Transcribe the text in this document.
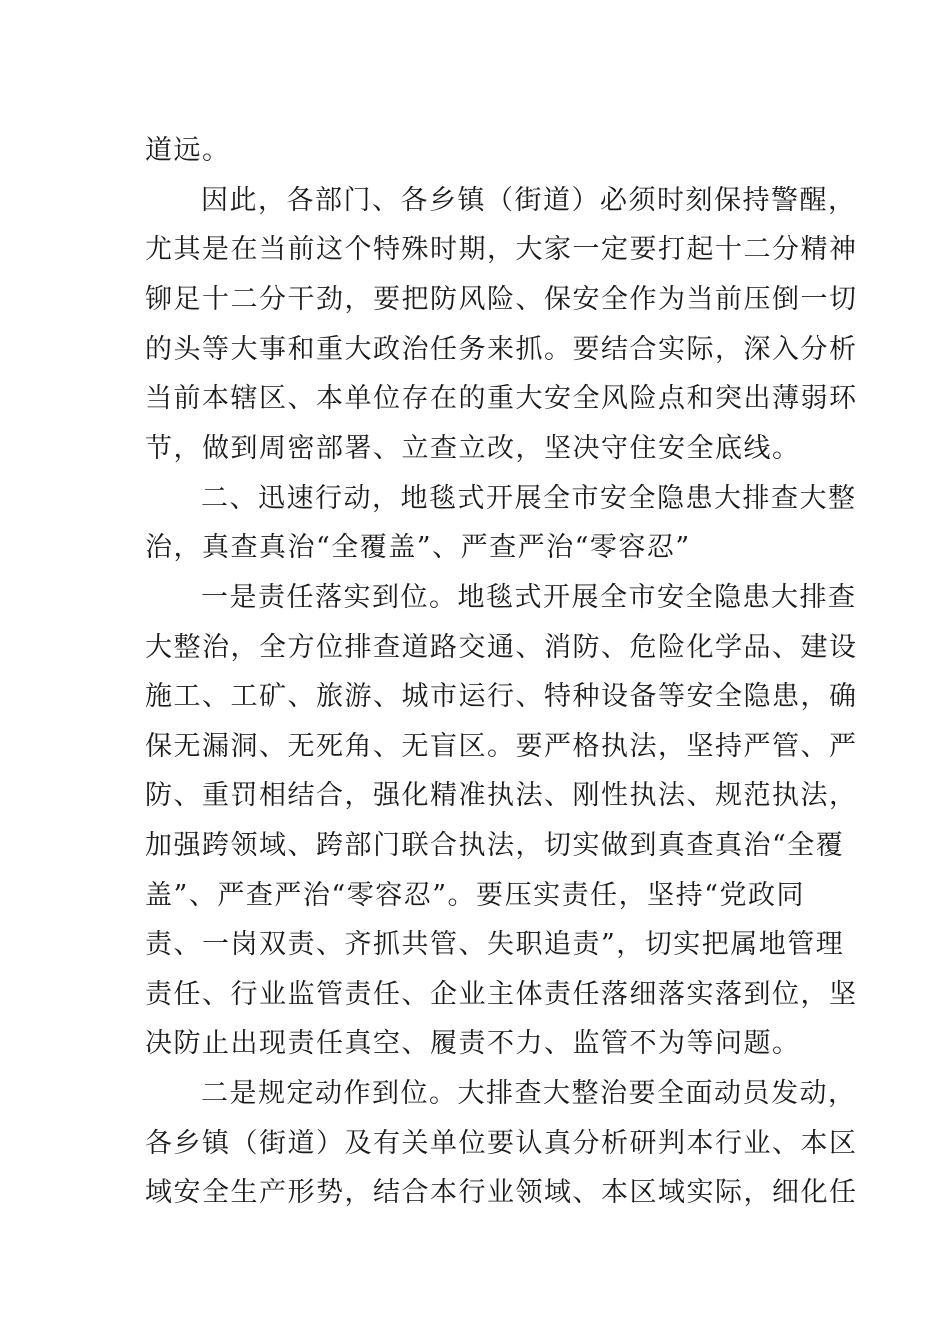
道远。
因此，各部门、各乡镇（街道）必须时刻保持警醒，
尤其是在当前这个特殊时期，大家一定要打起十二分精神
铆足十二分干劲，要把防风险、保安全作为当前压倒一切
的头等大事和重大政治任务来抓。要结合实际，深入分析
当前本辖区、本单位存在的重大安全风险点和突出薄弱环
节，做到周密部署、立查立改，坚决守住安全底线。
二、迅速行动，地毯式开展全市安全隐患大排查大整
治，真查真治“全覆盖”、严查严治“零容忍”
一是责任落实到位。地毯式开展全市安全隐患大排查
大整治，全方位排查道路交通、消防、危险化学品、建设
施工、工矿、旅游、城市运行、特种设备等安全隐患，确
保无漏洞、无死角、无盲区。要严格执法，坚持严管、严
防、重罚相结合，强化精准执法、刚性执法、规范执法，
加强跨领域、跨部门联合执法，切实做到真查真治“全覆
盖”、严查严治“零容忍”。要压实责任，坚持“党政同
责、一岗双责、齐抓共管、失职追责”，切实把属地管理
责任、行业监管责任、企业主体责任落细落实落到位，坚
决防止出现责任真空、履责不力、监管不为等问题。
二是规定动作到位。大排查大整治要全面动员发动，
各乡镇（街道）及有关单位要认真分析研判本行业、本区
域安全生产形势，结合本行业领域、本区域实际，细化任
